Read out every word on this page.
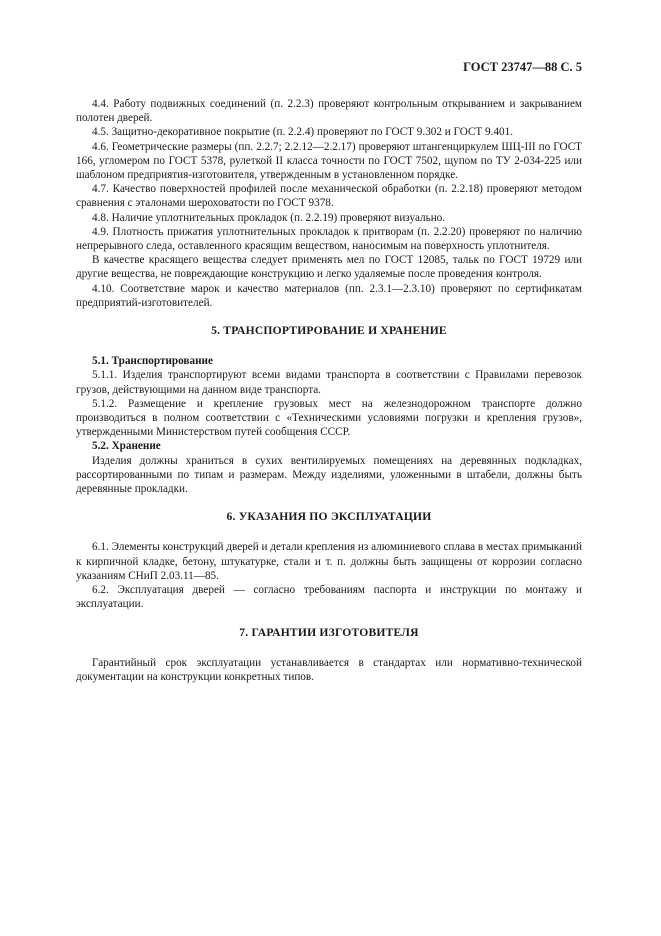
ГОСТ 23747—88 С. 5

4.4. Работу подвижных соединений (п. 2.2.3) проверяют контрольным открыванием и закрыванием полотен дверей.

4.5. Защитно-декоративное покрытие (п. 2.2.4) проверяют по ГОСТ 9.302 и ГОСТ 9.401.

4.6. Геометрические размеры (пп. 2.2.7; 2.2.12—2.2.17) проверяют штангенциркулем ШЦ-III по ГОСТ 166, угломером по ГОСТ 5378, рулеткой II класса точности по ГОСТ 7502, щупом по ТУ 2-034-225 или шаблоном предприятия-изготовителя, утвержденным в установленном порядке.

4.7. Качество поверхностей профилей после механической обработки (п. 2.2.18) проверяют методом сравнения с эталонами шероховатости по ГОСТ 9378.

4.8. Наличие уплотнительных прокладок (п. 2.2.19) проверяют визуально.

4.9. Плотность прижатия уплотнительных прокладок к притворам (п. 2.2.20) проверяют по наличию непрерывного следа, оставленного красящим веществом, наносимым на поверхность уплотнителя.

В качестве красящего вещества следует применять мел по ГОСТ 12085, тальк по ГОСТ 19729 или другие вещества, не повреждающие конструкцию и легко удаляемые после проведения контроля.

4.10. Соответствие марок и качество материалов (пп. 2.3.1—2.3.10) проверяют по сертификатам предприятий-изготовителей.

5. ТРАНСПОРТИРОВАНИЕ И ХРАНЕНИЕ

5.1. Транспортирование

5.1.1. Изделия транспортируют всеми видами транспорта в соответствии с Правилами перевозок грузов, действующими на данном виде транспорта.

5.1.2. Размещение и крепление грузовых мест на железнодорожном транспорте должно производиться в полном соответствии с «Техническими условиями погрузки и крепления грузов», утвержденными Министерством путей сообщения СССР.

5.2. Хранение

Изделия должны храниться в сухих вентилируемых помещениях на деревянных подкладках, рассортированными по типам и размерам. Между изделиями, уложенными в штабели, должны быть деревянные прокладки.

6. УКАЗАНИЯ ПО ЭКСПЛУАТАЦИИ

6.1. Элементы конструкций дверей и детали крепления из алюминиевого сплава в местах примыканий к кирпичной кладке, бетону, штукатурке, стали и т. п. должны быть защищены от коррозии согласно указаниям СНиП 2.03.11—85.

6.2. Эксплуатация дверей — согласно требованиям паспорта и инструкции по монтажу и эксплуатации.

7. ГАРАНТИИ ИЗГОТОВИТЕЛЯ

Гарантийный срок эксплуатации устанавливается в стандартах или нормативно-технической документации на конструкции конкретных типов.
